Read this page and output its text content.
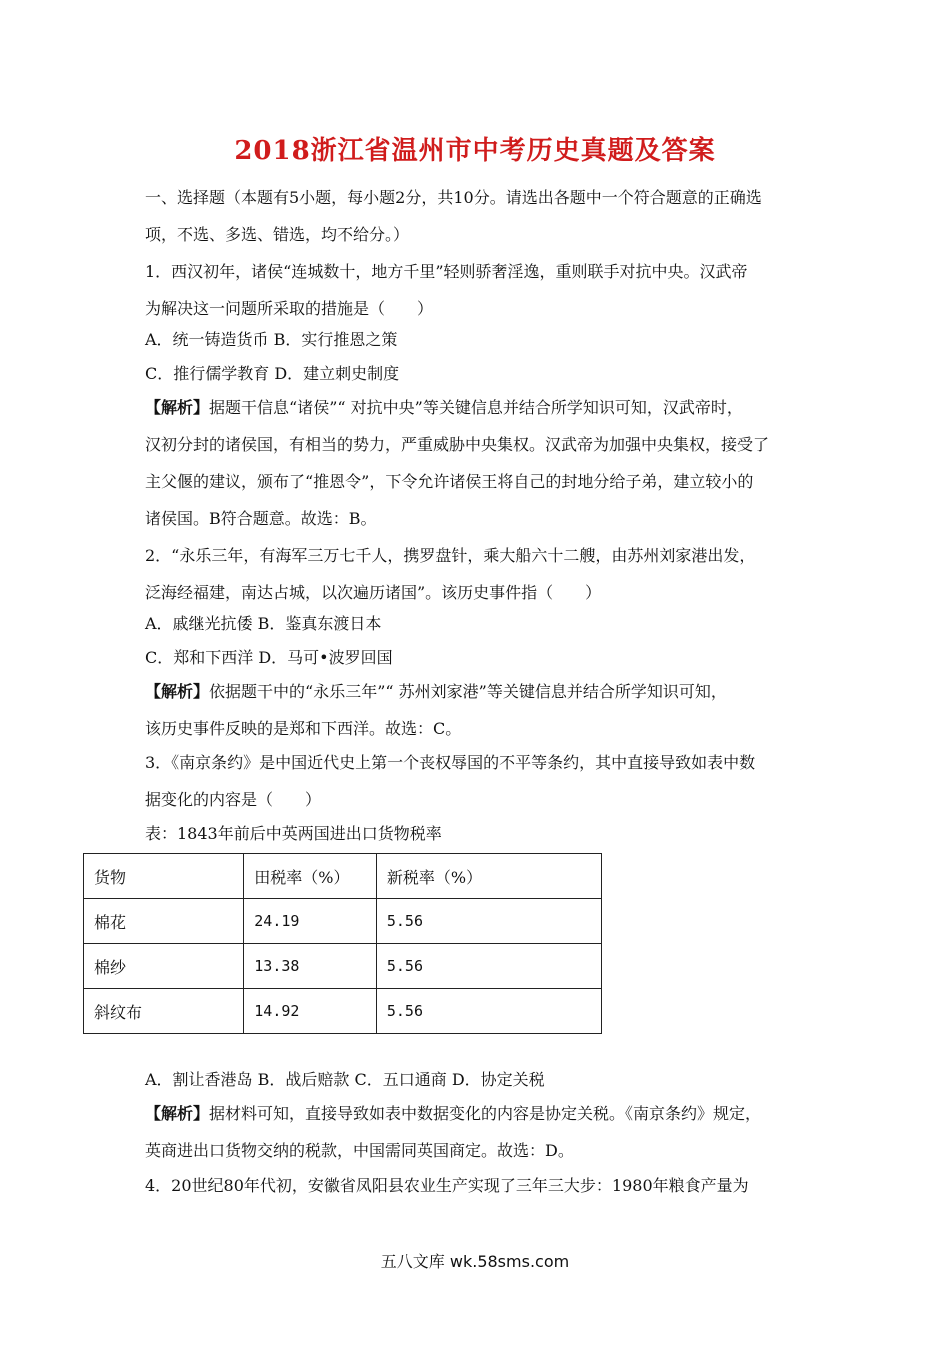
2018浙江省温州市中考历史真题及答案
一、选择题（本题有5小题，每小题2分，共10分。请选出各题中一个符合题意的正确选
项，不选、多选、错选，均不给分。）
1．西汉初年，诸侯“连城数十，地方千里”轻则骄奢淫逸，重则联手对抗中央。汉武帝
为解决这一问题所采取的措施是（　　）
A．统一铸造货币 B．实行推恩之策
C．推行儒学教育 D．建立刺史制度
【解析】据题干信息“诸侯”“ 对抗中央”等关键信息并结合所学知识可知，汉武帝时，
汉初分封的诸侯国，有相当的势力，严重威胁中央集权。汉武帝为加强中央集权，接受了
主父偃的建议，颁布了“推恩令”，下令允许诸侯王将自己的封地分给子弟，建立较小的
诸侯国。B符合题意。故选：B。
2．“永乐三年，有海军三万七千人，携罗盘针，乘大船六十二艘，由苏州刘家港出发，
泛海经福建，南达占城，以次遍历诸国”。该历史事件指（　　）
A．戚继光抗倭 B．鉴真东渡日本
C．郑和下西洋 D．马可•波罗回国
【解析】依据题干中的“永乐三年”“ 苏州刘家港”等关键信息并结合所学知识可知，
该历史事件反映的是郑和下西洋。故选：C。
3．《南京条约》是中国近代史上第一个丧权辱国的不平等条约，其中直接导致如表中数
据变化的内容是（　　）
表：1843年前后中英两国进出口货物税率
货物	田税率（%）	新税率（%）
棉花	24.19	5.56
棉纱	13.38	5.56
斜纹布	14.92	5.56
A．割让香港岛 B．战后赔款 C．五口通商 D．协定关税
【解析】据材料可知，直接导致如表中数据变化的内容是协定关税。《南京条约》规定，
英商进出口货物交纳的税款，中国需同英国商定。故选：D。
4．20世纪80年代初，安徽省凤阳县农业生产实现了三年三大步：1980年粮食产量为
五八文库 wk.58sms.com
